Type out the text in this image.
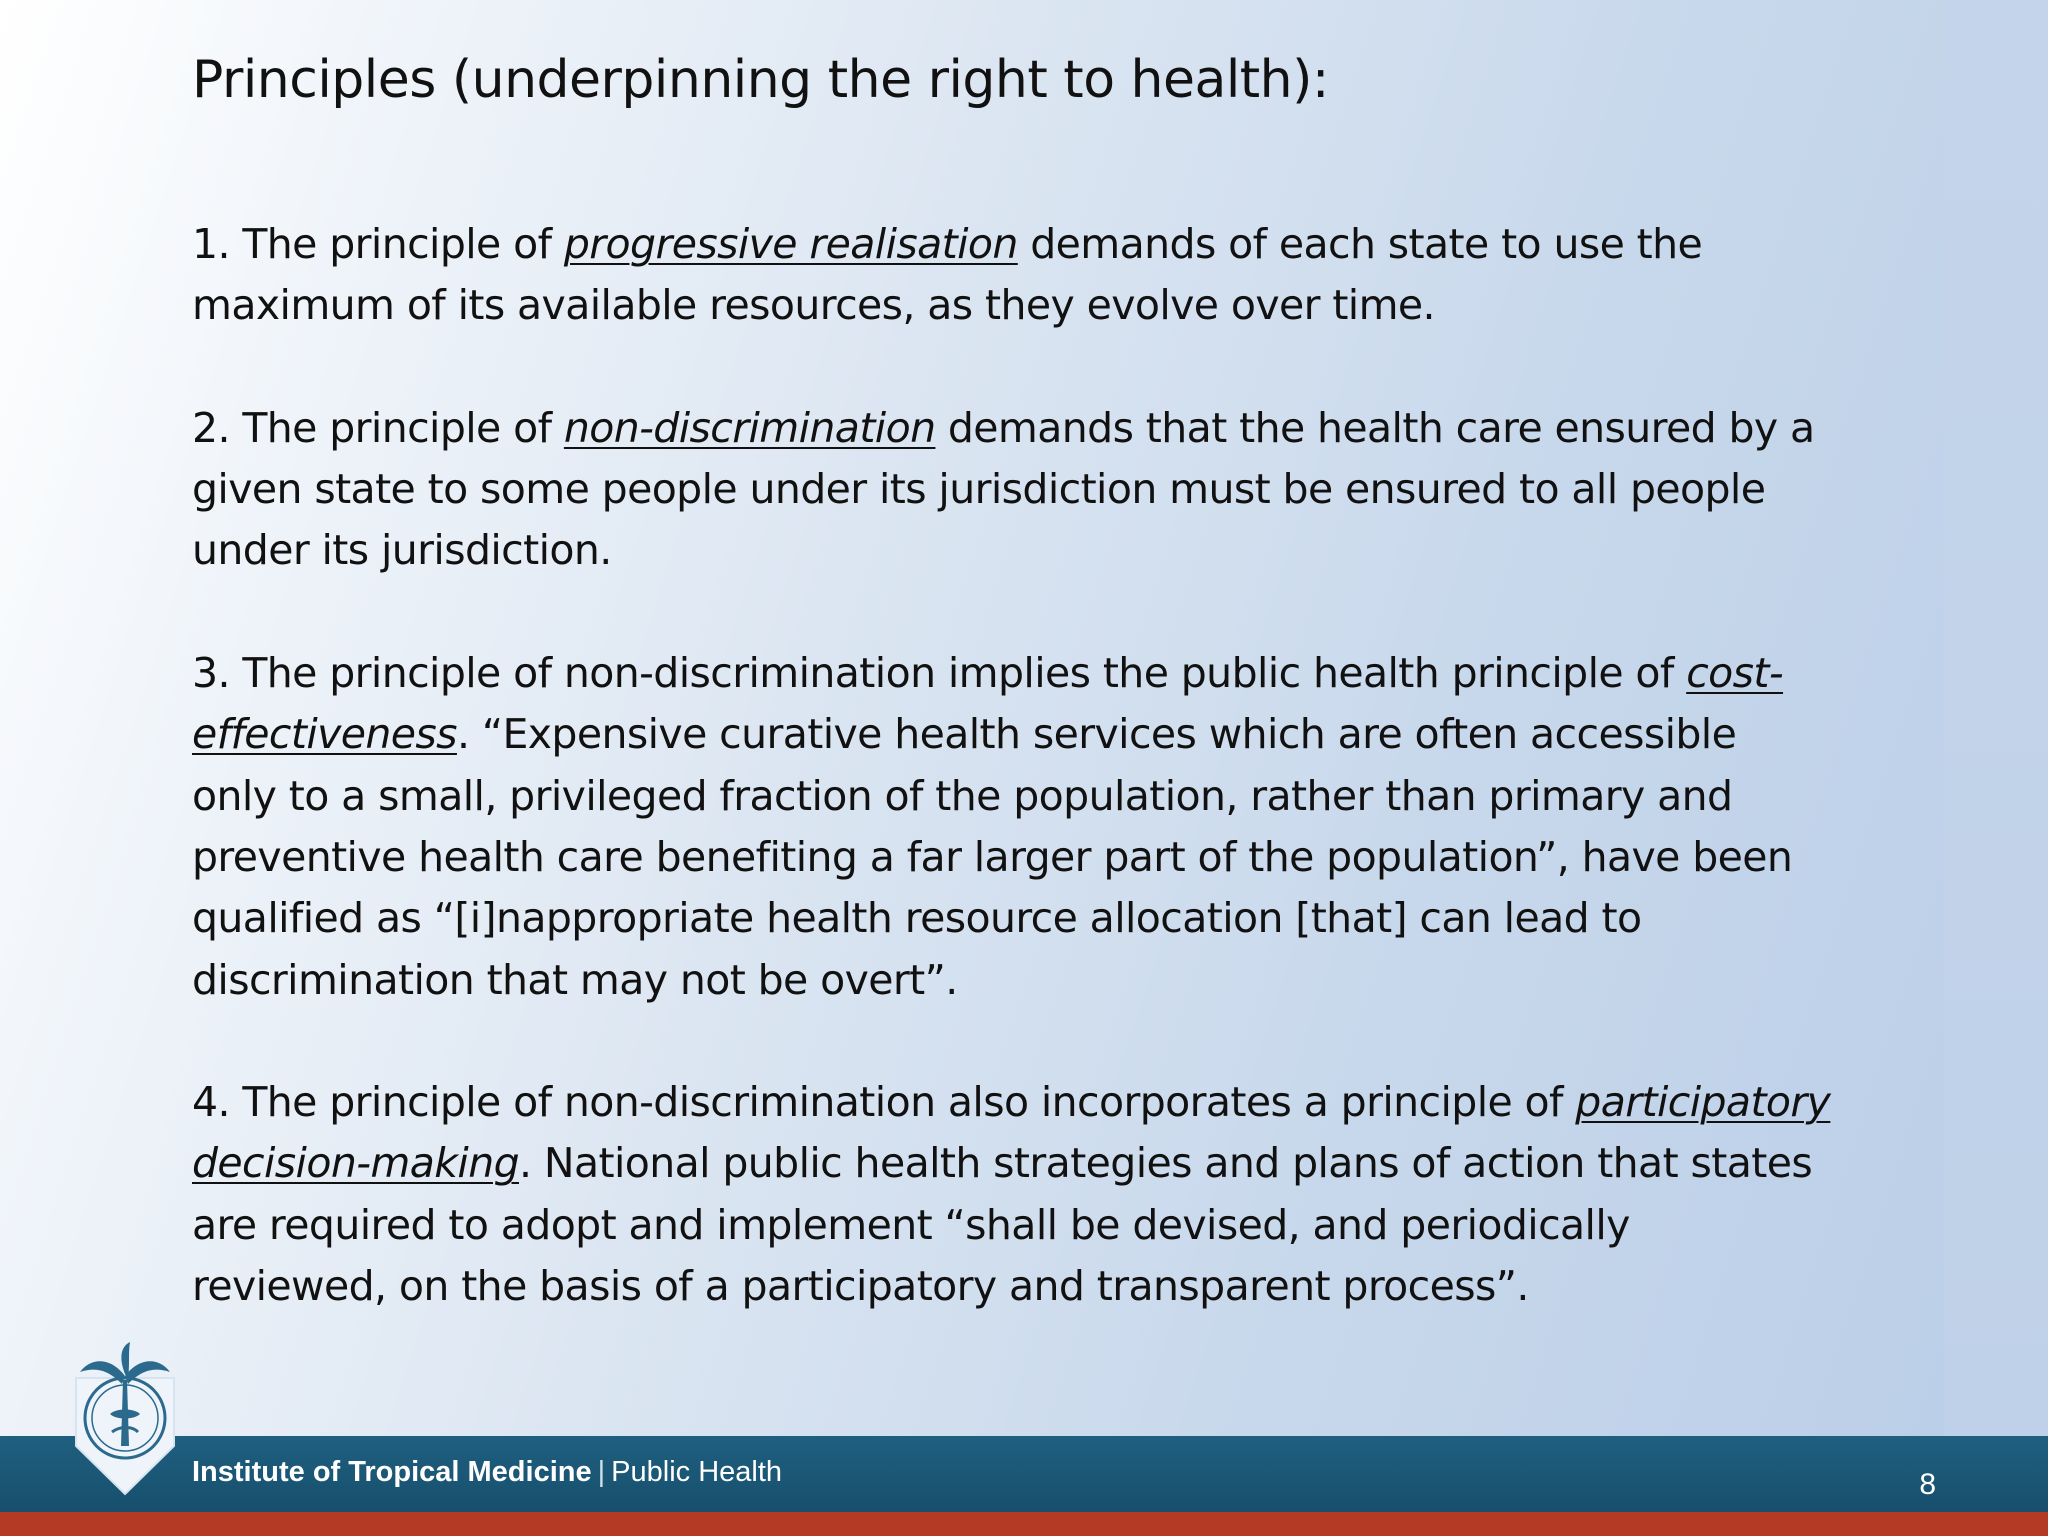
Principles (underpinning the right to health):

1. The principle of progressive realisation demands of each state to use the maximum of its available resources, as they evolve over time.

2. The principle of non-discrimination demands that the health care ensured by a given state to some people under its jurisdiction must be ensured to all people under its jurisdiction.

3. The principle of non-discrimination implies the public health principle of cost-effectiveness. “Expensive curative health services which are often accessible only to a small, privileged fraction of the population, rather than primary and preventive health care benefiting a far larger part of the population”, have been qualified as “[i]nappropriate health resource allocation [that] can lead to discrimination that may not be overt”.

4. The principle of non-discrimination also incorporates a principle of participatory decision-making. National public health strategies and plans of action that states are required to adopt and implement “shall be devised, and periodically reviewed, on the basis of a participatory and transparent process”.

Institute of Tropical Medicine | Public Health	8
